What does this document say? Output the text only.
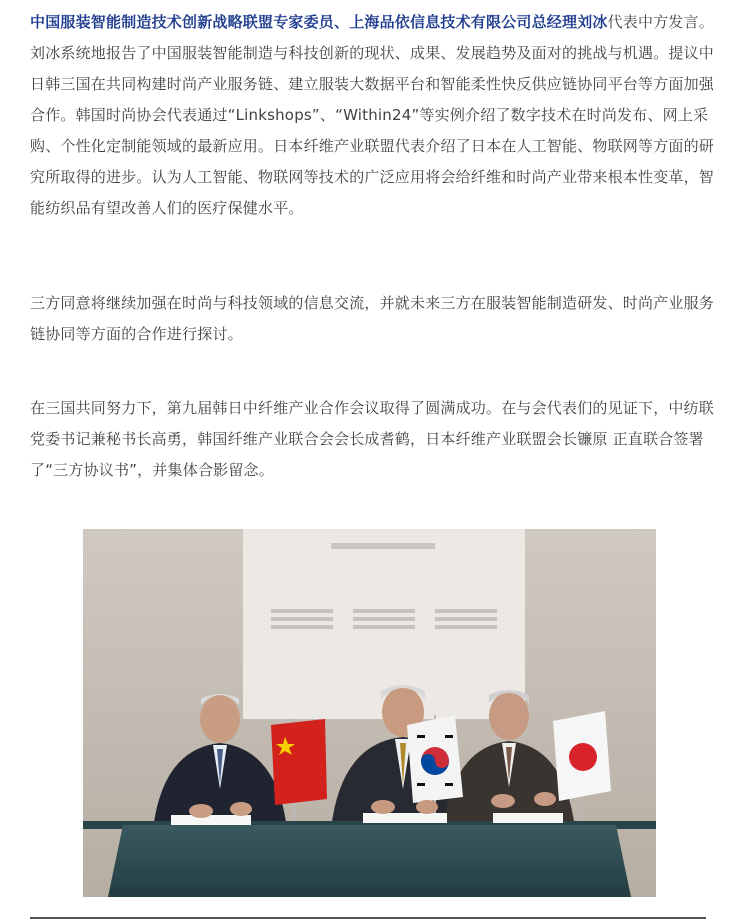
中国服装智能制造技术创新战略联盟专家委员、上海品依信息技术有限公司总经理刘冰代表中方发言。刘冰系统地报告了中国服装智能制造与科技创新的现状、成果、发展趋势及面对的挑战与机遇。提议中日韩三国在共同构建时尚产业服务链、建立服装大数据平台和智能柔性快反供应链协同平台等方面加强合作。韩国时尚协会代表通过“Linkshops”、“Within24”等实例介绍了数字技术在时尚发布、网上采购、个性化定制能领域的最新应用。日本纤维产业联盟代表介绍了日本在人工智能、物联网等方面的研究所取得的进步。认为人工智能、物联网等技术的广泛应用将会给纤维和时尚产业带来根本性变革，智能纺织品有望改善人们的医疗保健水平。

三方同意将继续加强在时尚与科技领域的信息交流，并就未来三方在服装智能制造研发、时尚产业服务链协同等方面的合作进行探讨。

在三国共同努力下，第九届韩日中纤维产业合作会议取得了圆满成功。在与会代表们的见证下，中纺联党委书记兼秘书长高勇，韩国纤维产业联合会会长成耆鹤，日本纤维产业联盟会长镰原 正直联合签署了“三方协议书”，并集体合影留念。
